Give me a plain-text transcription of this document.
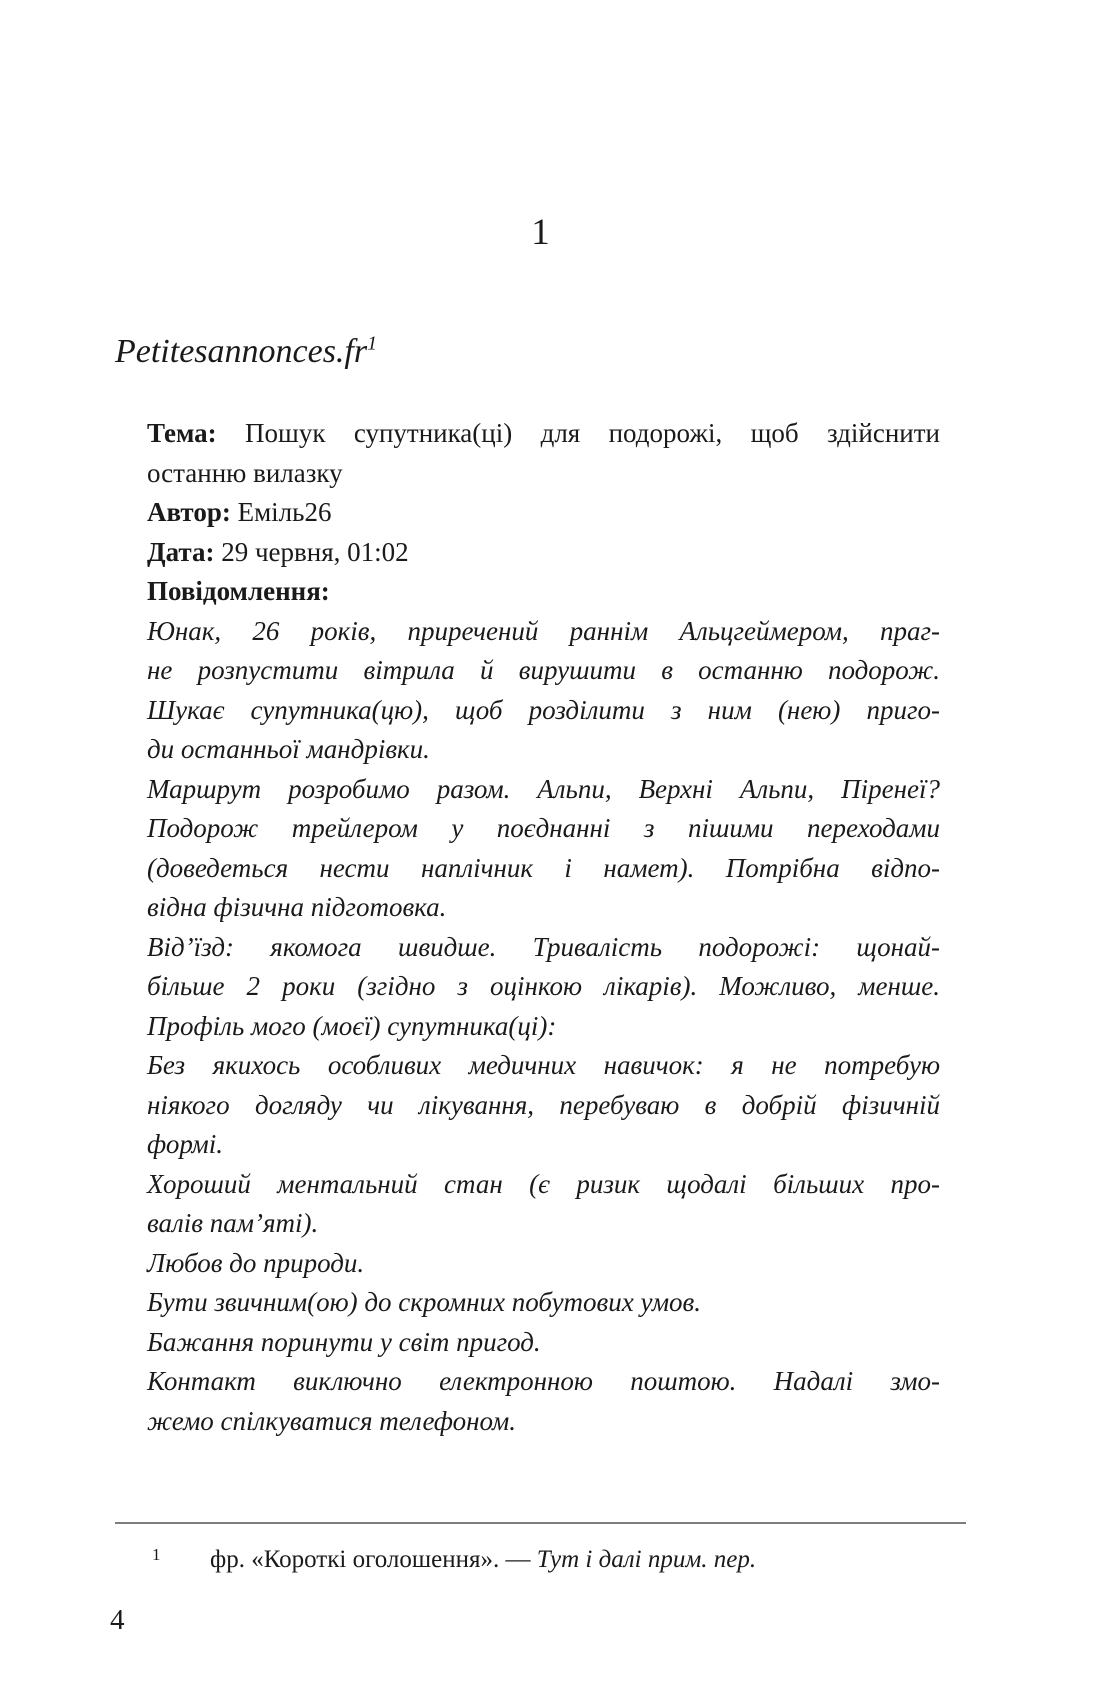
1
Petitesannonces.fr$^1$
Тема: Пошук супутника(ці) для подорожі, щоб здійснити
останню вилазку
Автор: Еміль26
Дата: 29 червня, 01:02
Повідомлення:
Юнак, 26 років, приречений раннім Альцгеймером, праг-
не розпустити вітрила й вирушити в останню подорож.
Шукає супутника(цю), щоб розділити з ним (нею) приго-
ди останньої мандрівки.
Маршрут розробимо разом. Альпи, Верхні Альпи, Піренеї?
Подорож трейлером у поєднанні з пішими переходами
(доведеться нести наплічник і намет). Потрібна відпо-
відна фізична підготовка.
Від’їзд: якомога швидше. Тривалість подорожі: щонай-
більше 2 роки (згідно з оцінкою лікарів). Можливо, менше.
Профіль мого (моєї) супутника(ці):
Без якихось особливих медичних навичок: я не потребую
ніякого догляду чи лікування, перебуваю в добрій фізичній
формі.
Хороший ментальний стан (є ризик щодалі більших про-
валів пам’яті).
Любов до природи.
Бути звичним(ою) до скромних побутових умов.
Бажання поринути у світ пригод.
Контакт виключно електронною поштою. Надалі змо-
жемо спілкуватися телефоном.
1 фр. «Короткі оголошення». — Тут і далі прим. пер.
4
